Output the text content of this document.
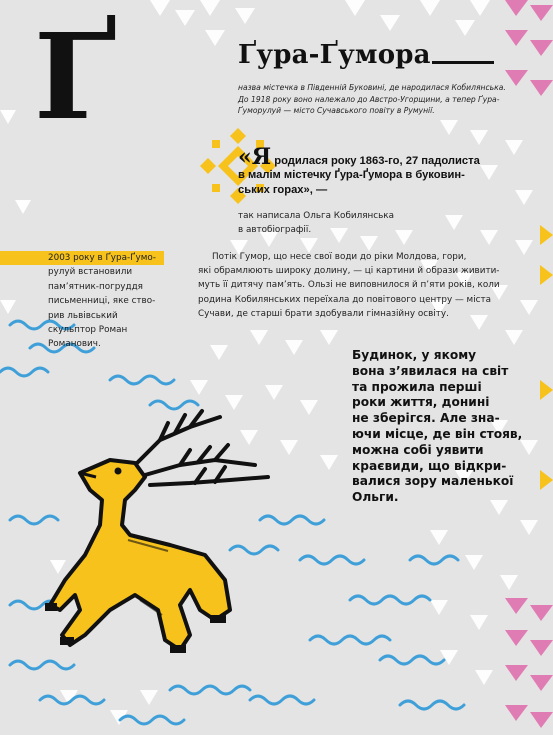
Ґ	Ґура-Ґумора
назва містечка в Південній Буковині, де народилася Кобилянська.
До 1918 року воно належало до Австро-Угорщини, а тепер Ґура-
Ґуморулуй — місто Сучавського повіту в Румунії.
«Я родилася року 1863-го, 27 падолиста
в малім містечку Ґура-Ґумора в буковин-
ських горах», —
так написала Ольга Кобилянська
в автобіографії.
2003 року в Ґура-Ґумо-
рулуй встановили
пам’ятник-погруддя
письменниці, яке ство-
рив львівський
скульптор Роман
Романович.
Потік Гумор, що несе свої води до ріки Молдова, гори,
які обрамлюють широку долину, — ці картини й образи живити-
муть її дитячу пам’ять. Ользі не виповнилося й п’яти років, коли
родина Кобилянських переїхала до повітового центру — міста
Сучави, де старші брати здобували гімназійну освіту.
Будинок, у якому
вона з’явилася на світ
та прожила перші
роки життя, донині
не зберігся. Але зна-
ючи місце, де він стояв,
можна собі уявити
краєвиди, що відкри-
валися зору маленької
Ольги.
